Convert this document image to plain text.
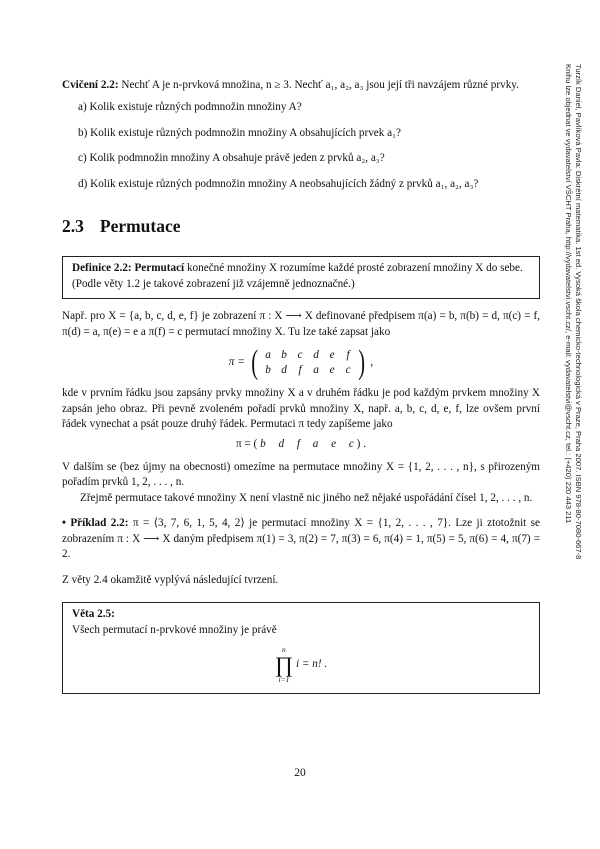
Cvičení 2.2: Nechť A je n-prvková množina, n ≥ 3. Nechť a₁, a₂, a₃ jsou její tři navzájem různé prvky.

a) Kolik existuje různých podmnožin množiny A?
b) Kolik existuje různých podmnožin množiny A obsahujících prvek a₁?
c) Kolik podmnožin množiny A obsahuje právě jeden z prvků a₂, a₃?
d) Kolik existuje různých podmnožin množiny A neobsahujících žádný z prvků a₁, a₂, a₃?
2.3 Permutace
Definice 2.2: Permutací konečné množiny X rozumíme každé prosté zobrazení množiny X do sebe. (Podle věty 1.2 je takové zobrazení již vzájemně jednoznačné.)

Např. pro X = {a, b, c, d, e, f} je zobrazení π : X ⟶ X definované předpisem π(a) = b, π(b) = d, π(c) = f, π(d) = a, π(e) = e a π(f) = c permutací množiny X. Tu lze také zapsat jako

π = ( a b c d e	f
b d	f	a e c ) ,

kde v prvním řádku jsou zapsány prvky množiny X a v druhém řádku je pod každým prvkem množiny X zapsán jeho obraz. Při pevně zvoleném pořadí prvků množiny X, např. a, b, c, d, e, f, lze ovšem první řádek vynechat a psát pouze druhý řádek. Permutaci π tedy zapíšeme jako

π = ( b d f a e c ) .

V dalším se (bez újmy na obecnosti) omezíme na permutace množiny X = {1, 2, . . . , n}, s přirozeným pořadím prvků 1, 2, . . . , n.

Zřejmě permutace takové množiny X není vlastně nic jiného než nějaké uspořádání čísel 1, 2, . . . , n.

• Příklad 2.2: π = ⟨3, 7, 6, 1, 5, 4, 2⟩ je permutací množiny X = {1, 2, . . . , 7}. Lze ji ztotožnit se zobrazením π : X ⟶ X daným předpisem π(1) = 3, π(2) = 7, π(3) = 6, π(4) = 1, π(5) = 5, π(6) = 4, π(7) = 2.

Z věty 2.4 okamžitě vyplývá následující tvrzení.

Věta 2.5:
Všech permutací n-prvkové množiny je právě
n
∏
i=1
i = n! .
20
Turzík Daniel, Pavlíková Pavla: Diskrétní matematika. 1st ed. Vysoká škola chemicko-technologická v Praze, Praha 2007. ISBN 978-80-7080-667-8
Knihu lze objednat ve vydavatelství VŠCHT Praha, http://vydavatelstvi.vscht.cz/, e-mail: vydavatelstvi@vscht.cz, tel.: (+420) 220 443 211
